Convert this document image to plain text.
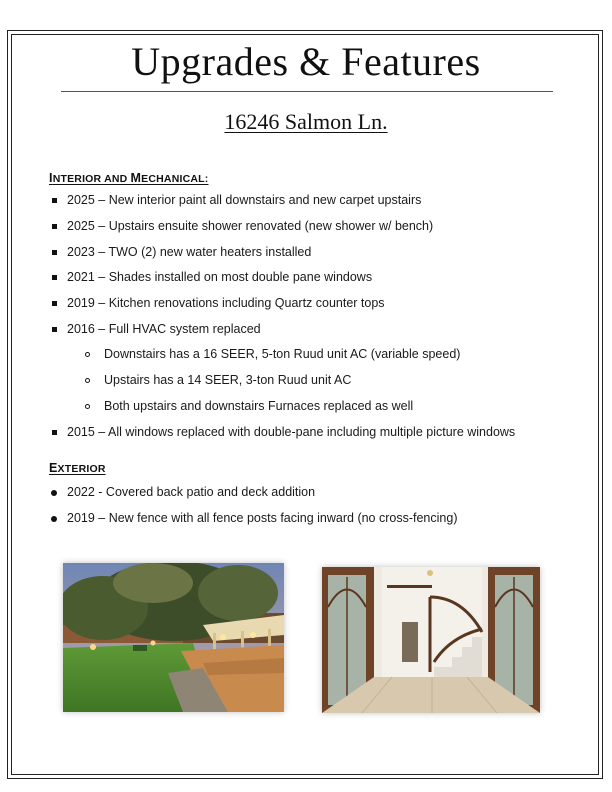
Upgrades & Features
16246 Salmon Ln.
INTERIOR AND MECHANICAL:
2025 – New interior paint all downstairs and new carpet upstairs
2025 – Upstairs ensuite shower renovated (new shower w/ bench)
2023 – TWO (2) new water heaters installed
2021 – Shades installed on most double pane windows
2019 – Kitchen renovations including Quartz counter tops
2016 – Full HVAC system replaced
Downstairs has a 16 SEER, 5-ton Ruud unit AC (variable speed)
Upstairs has a 14 SEER, 3-ton Ruud unit AC
Both upstairs and downstairs Furnaces replaced as well
2015 – All windows replaced with double-pane including multiple picture windows
EXTERIOR
2022 - Covered back patio and deck addition
2019 – New fence with all fence posts facing inward (no cross-fencing)
